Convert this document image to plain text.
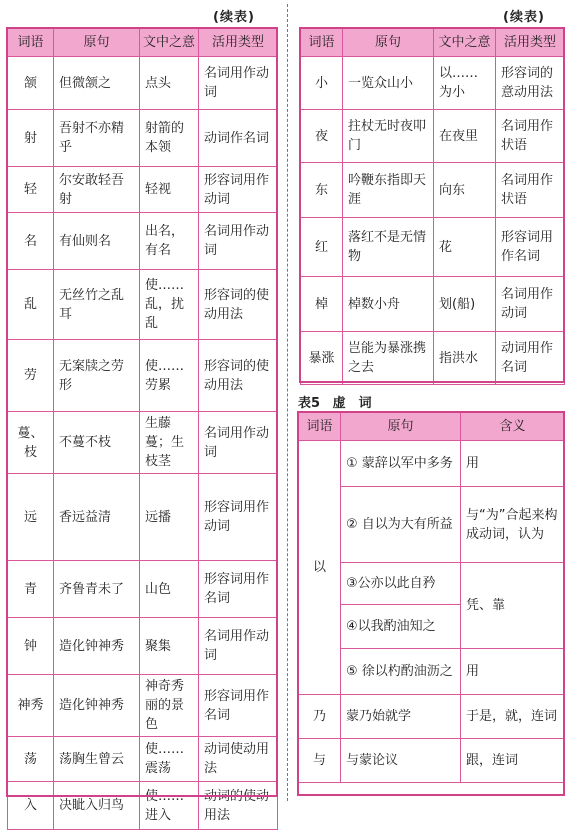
(续表)	(续表)
词语	原句	文中之意	活用类型
颔	但微颔之	点头	名词用作动词
射	吾射不亦精乎	射箭的本领	动词作名词
轻	尔安敢轻吾射	轻视	形容词用作动词
名	有仙则名	出名，有名	名词用作动词
乱	无丝竹之乱耳	使……乱，扰乱	形容词的使动用法
劳	无案牍之劳形	使……劳累	形容词的使动用法
蔓、枝	不蔓不枝	生藤蔓；生枝茎	名词用作动词
远	香远益清	远播	形容词用作动词
青	齐鲁青未了	山色	形容词用作名词
钟	造化钟神秀	聚集	名词用作动词
神秀	造化钟神秀	神奇秀丽的景色	形容词用作名词
荡	荡胸生曾云	使……震荡	动词使动用法
入	决眦入归鸟	使……进入	动词的使动用法
词语	原句	文中之意	活用类型
小	一览众山小	以……为小	形容词的意动用法
夜	拄杖无时夜叩门	在夜里	名词用作状语
东	吟鞭东指即天涯	向东	名词用作状语
红	落红不是无情物	花	形容词用作名词
棹	棹数小舟	划(船)	名词用作动词
暴涨	岂能为暴涨携之去	指洪水	动词用作名词
表5 虚　词
词语	原句	含义
以	① 蒙辞以军中多务	用
	② 自以为大有所益	与“为”合起来构成动词，认为
	③公亦以此自矜	凭、靠
	④以我酌油知之	
	⑤ 徐以杓酌油沥之	用
乃	蒙乃始就学	于是，就，连词
与	与蒙论议	跟，连词
